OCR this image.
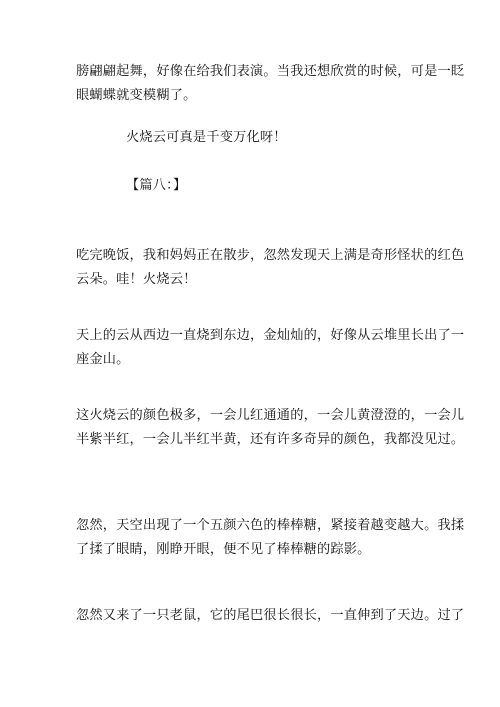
膀翩翩起舞，好像在给我们表演。当我还想欣赏的时候，可是一眨
眼蝴蝶就变模糊了。

火烧云可真是千变万化呀！

【篇八：】

吃完晚饭，我和妈妈正在散步，忽然发现天上满是奇形怪状的红色
云朵。哇！火烧云！

天上的云从西边一直烧到东边，金灿灿的，好像从云堆里长出了一
座金山。

这火烧云的颜色极多，一会儿红通通的，一会儿黄澄澄的，一会儿
半紫半红，一会儿半红半黄，还有许多奇异的颜色，我都没见过。

忽然，天空出现了一个五颜六色的棒棒糖，紧接着越变越大。我揉
了揉了眼睛，刚睁开眼，便不见了棒棒糖的踪影。

忽然又来了一只老鼠，它的尾巴很长很长，一直伸到了天边。过了
